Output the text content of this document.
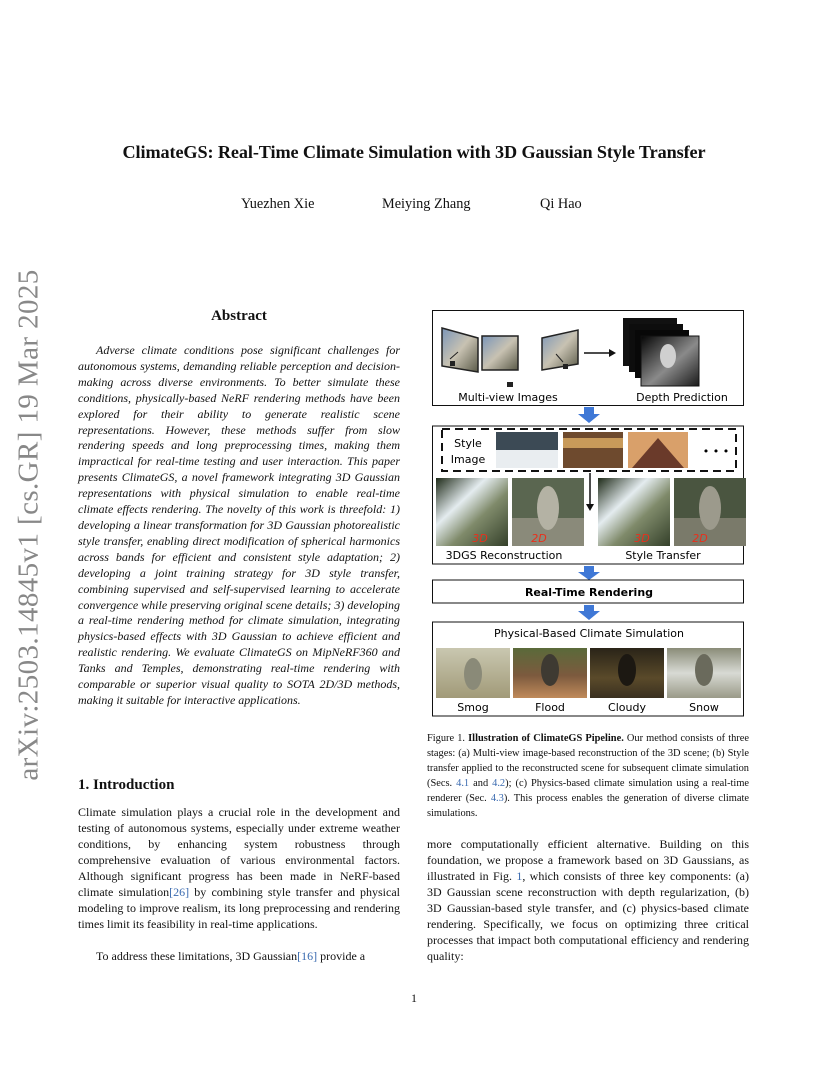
ClimateGS: Real-Time Climate Simulation with 3D Gaussian Style Transfer
Yuezhen Xie	Meiying Zhang	Qi Hao
arXiv:2503.14845v1 [cs.GR] 19 Mar 2025	Abstract

Adverse climate conditions pose significant challenges for autonomous systems, demanding reliable perception and decision-making across diverse environments. To better simulate these conditions, physically-based NeRF rendering methods have been explored for their ability to generate realistic scene representations. However, these methods suffer from slow rendering speeds and long preprocessing times, making them impractical for real-time testing and user interaction. This paper presents ClimateGS, a novel framework integrating 3D Gaussian representations with physical simulation to enable real-time climate effects rendering. The novelty of this work is threefold: 1) developing a linear transformation for 3D Gaussian photorealistic style transfer, enabling direct modification of spherical harmonics across bands for efficient and consistent style adaptation; 2) developing a joint training strategy for 3D style transfer, combining supervised and self-supervised learning to accelerate convergence while preserving original scene details; 3) developing a real-time rendering method for climate simulation, integrating physics-based effects with 3D Gaussian to achieve efficient and realistic rendering. We evaluate ClimateGS on MipNeRF360 and Tanks and Temples, demonstrating real-time rendering with comparable or superior visual quality to SOTA 2D/3D methods, making it suitable for interactive applications.

1. Introduction

Climate simulation plays a crucial role in the development and testing of autonomous systems, especially under extreme weather conditions, by enhancing system robustness through comprehensive evaluation of various environmental factors. Although significant progress has been made in NeRF-based climate simulation[26] by combining style transfer and physical modeling to improve realism, its long preprocessing and rendering times limit its feasibility in real-time applications.

To address these limitations, 3D Gaussian[16] provide a

more computationally efficient alternative. Building on this foundation, we propose a framework based on 3D Gaussians, as illustrated in Fig. 1, which consists of three key components: (a) 3D Gaussian scene reconstruction with depth regularization, (b) 3D Gaussian-based style transfer, and (c) physics-based climate rendering. Specifically, we focus on optimizing three critical processes that impact both computational efficiency and rendering quality:

Figure 1. Illustration of ClimateGS Pipeline. Our method consists of three stages: (a) Multi-view image-based reconstruction of the 3D scene; (b) Style transfer applied to the reconstructed scene for subsequent climate simulation (Secs. 4.1 and 4.2); (c) Physics-based climate simulation using a real-time renderer (Sec. 4.3). This process enables the generation of diverse climate simulations.

1
Multi-view Images	Depth Prediction
Style
Image
• • •
3D	2D	3D	2D
3DGS Reconstruction	Style Transfer
Real-Time Rendering
Physical-Based Climate Simulation
Smog	Flood	Cloudy	Snow
